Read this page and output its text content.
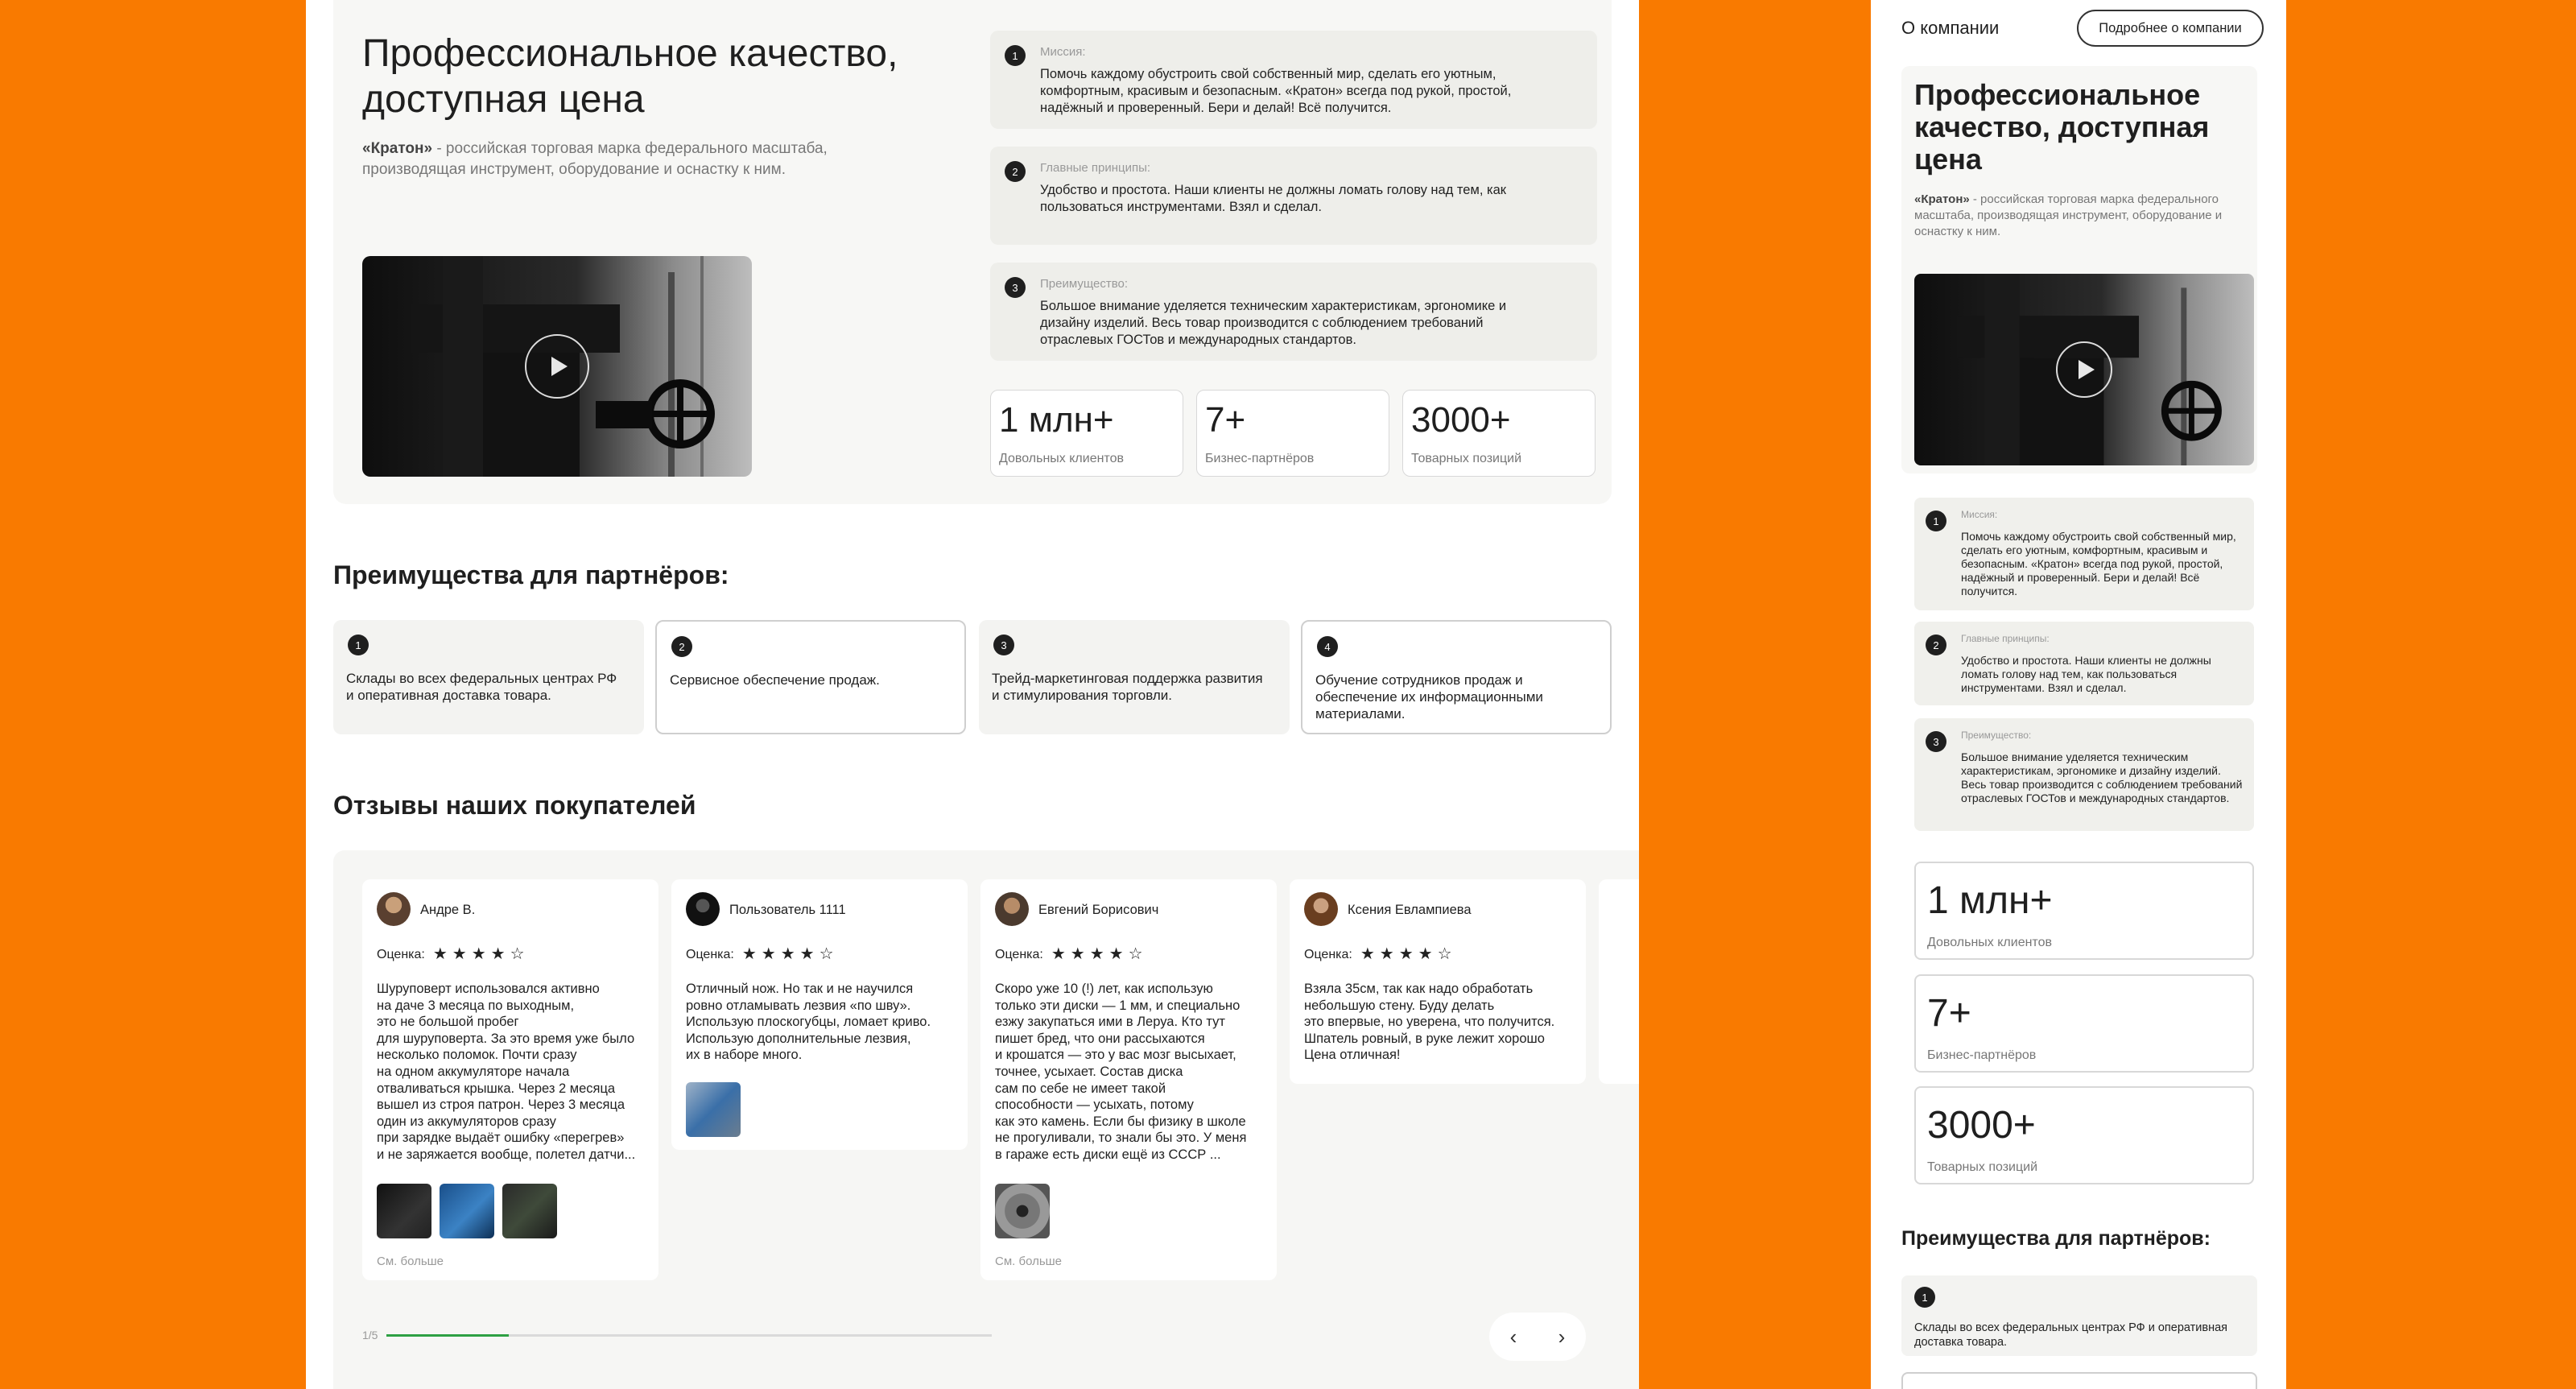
Профессиональное качество, доступная цена

«Кратон» - российская торговая марка федерального масштаба, производящая инструмент, оборудование и оснастку к ним.

1	Миссия:
Помочь каждому обустроить свой собственный мир, сделать его уютным, комфортным, красивым и безопасным. «Кратон» всегда под рукой, простой, надёжный и проверенный. Бери и делай! Всё получится.
2	Главные принципы:
Удобство и простота. Наши клиенты не должны ломать голову над тем, как пользоваться инструментами. Взял и сделал.
3	Преимущество:
Большое внимание уделяется техническим характеристикам, эргономике и дизайну изделий. Весь товар производится с соблюдением требований отраслевых ГОСТов и международных стандартов.
1 млн+
Довольных клиентов
7+
Бизнес-партнёров
3000+
Товарных позиций
Преимущества для партнёров:
1
Склады во всех федеральных центрах РФ и оперативная доставка товара.
2
Сервисное обеспечение продаж.
3
Трейд-маркетинговая поддержка развития и стимулирования торговли.
4
Обучение сотрудников продаж и обеспечение их информационными материалами.
Отзывы наших покупателей
Андре В.
Оценка: ★★★★☆
Шуруповерт использовался активно
на даче 3 месяца по выходным,
это не большой пробег
для шуруповерта. За это время уже было
несколько поломок. Почти сразу
на одном аккумуляторе начала
отваливаться крышка. Через 2 месяца
вышел из строя патрон. Через 3 месяца
один из аккумуляторов сразу
при зарядке выдаёт ошибку «перегрев»
и не заряжается вообще, полетел датчи...
См. больше
Пользователь 1111
Оценка: ★★★★☆
Отличный нож. Но так и не научился
ровно отламывать лезвия «по шву».
Использую плоскогубцы, ломает криво.
Использую дополнительные лезвия,
их в наборе много.
Евгений Борисович
Оценка: ★★★★☆
Скоро уже 10 (!) лет, как использую
только эти диски — 1 мм, и специально
езжу закупаться ими в Леруа. Кто тут
пишет бред, что они рассыхаются
и крошатся — это у вас мозг высыхает,
точнее, усыхает. Состав диска
сам по себе не имеет такой
способности — усыхать, потому
как это камень. Если бы физику в школе
не прогуливали, то знали бы это. У меня
в гараже есть диски ещё из СССР ...
См. больше
Ксения Евлампиева
Оценка: ★★★★☆
Взяла 35см, так как надо обработать
небольшую стену. Буду делать
это впервые, но уверена, что получится.
Шпатель ровный, в руке лежит хорошо
Цена отличная!
1/5	‹ ›
О компании	Подробнее о компании
Профессиональное качество, доступная цена

«Кратон» - российская торговая марка федерального масштаба, производящая инструмент, оборудование и оснастку к ним.

1
Миссия:
Помочь каждому обустроить свой собственный мир, сделать его уютным, комфортным, красивым и безопасным. «Кратон» всегда под рукой, простой, надёжный и проверенный. Бери и делай! Всё получится.
2
Главные принципы:
Удобство и простота. Наши клиенты не должны ломать голову над тем, как пользоваться инструментами. Взял и сделал.
3
Преимущество:
Большое внимание уделяется техническим характеристикам, эргономике и дизайну изделий. Весь товар производится с соблюдением требований отраслевых ГОСТов и международных стандартов.
1 млн+
Довольных клиентов
7+
Бизнес-партнёров
3000+
Товарных позиций
Преимущества для партнёров:
1
Склады во всех федеральных центрах РФ и оперативная доставка товара.
